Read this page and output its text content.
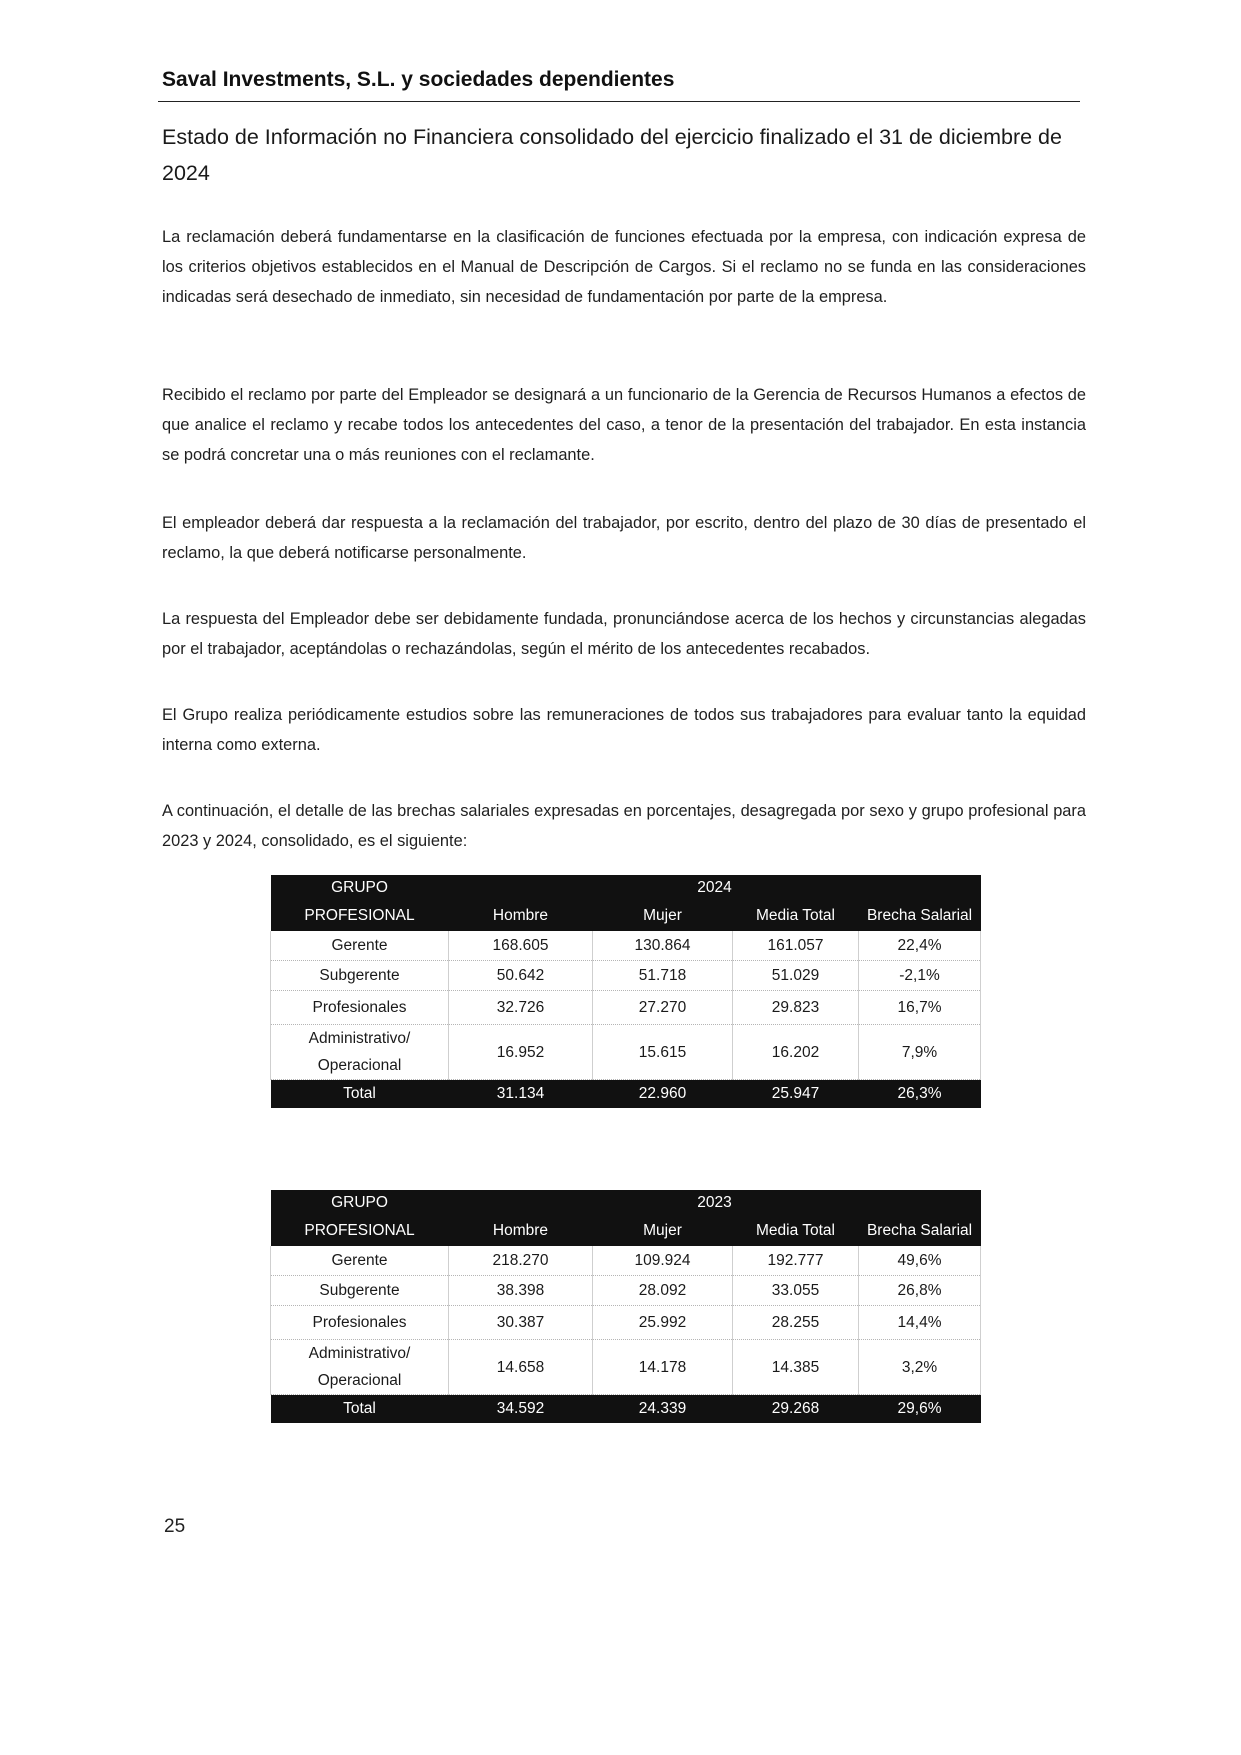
Saval Investments, S.L. y sociedades dependientes

Estado de Información no Financiera consolidado del ejercicio finalizado el 31 de diciembre de 2024

La reclamación deberá fundamentarse en la clasificación de funciones efectuada por la empresa, con indicación expresa de los criterios objetivos establecidos en el Manual de Descripción de Cargos. Si el reclamo no se funda en las consideraciones indicadas será desechado de inmediato, sin necesidad de fundamentación por parte de la empresa.

Recibido el reclamo por parte del Empleador se designará a un funcionario de la Gerencia de Recursos Humanos a efectos de que analice el reclamo y recabe todos los antecedentes del caso, a tenor de la presentación del trabajador. En esta instancia se podrá concretar una o más reuniones con el reclamante.

El empleador deberá dar respuesta a la reclamación del trabajador, por escrito, dentro del plazo de 30 días de presentado el reclamo, la que deberá notificarse personalmente.

La respuesta del Empleador debe ser debidamente fundada, pronunciándose acerca de los hechos y circunstancias alegadas por el trabajador, aceptándolas o rechazándolas, según el mérito de los antecedentes recabados.

El Grupo realiza periódicamente estudios sobre las remuneraciones de todos sus trabajadores para evaluar tanto la equidad interna como externa.

A continuación, el detalle de las brechas salariales expresadas en porcentajes, desagregada por sexo y grupo profesional para 2023 y 2024, consolidado, es el siguiente:

GRUPO	2024			
PROFESIONAL	Hombre	Mujer	Media Total	Brecha Salarial
Gerente	168.605	130.864	161.057	22,4%
Subgerente	50.642	51.718	51.029	-2,1%
Profesionales	32.726	27.270	29.823	16,7%
Administrativo/
Operacional	16.952	15.615	16.202	7,9%
Total	31.134	22.960	25.947	26,3%
GRUPO	2023			
PROFESIONAL	Hombre	Mujer	Media Total	Brecha Salarial
Gerente	218.270	109.924	192.777	49,6%
Subgerente	38.398	28.092	33.055	26,8%
Profesionales	30.387	25.992	28.255	14,4%
Administrativo/
Operacional	14.658	14.178	14.385	3,2%
Total	34.592	24.339	29.268	29,6%

25
